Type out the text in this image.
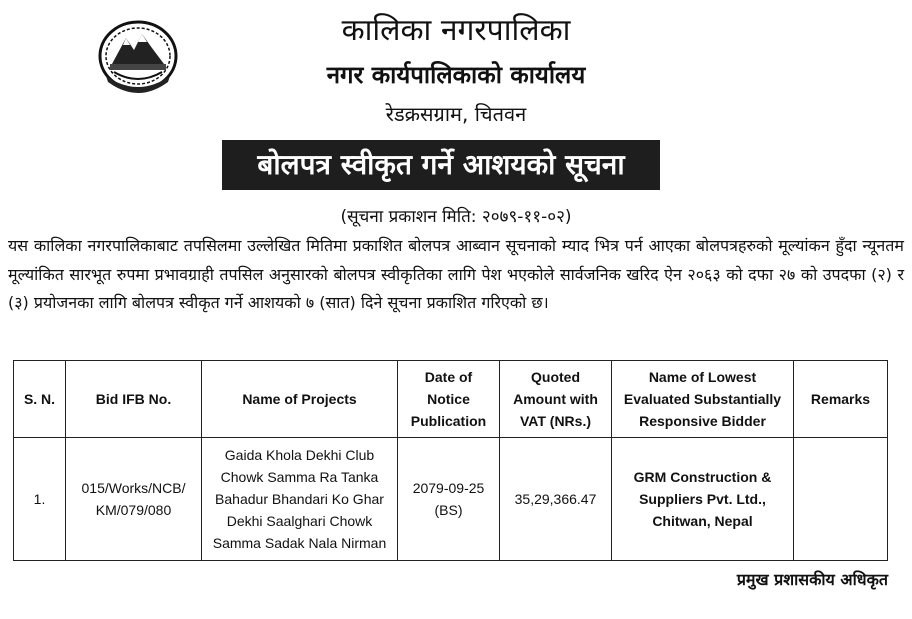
कालिका नगरपालिका
नगर कार्यपालिकाको कार्यालय
रेडक्रसग्राम, चितवन
बोलपत्र स्वीकृत गर्ने आशयको सूचना
(सूचना प्रकाशन मिति: २०७९-११-०२)
यस कालिका नगरपालिकाबाट तपसिलमा उल्लेखित मितिमा प्रकाशित बोलपत्र आब्वान सूचनाको म्याद भित्र पर्न आएका बोलपत्रहरुको मूल्यांकन हुँदा न्यूनतम मूल्यांकित सारभूत रुपमा प्रभावग्राही तपसिल अनुसारको बोलपत्र स्वीकृतिका लागि पेश भएकोले सार्वजनिक खरिद ऐन २०६३ को दफा २७ को उपदफा (२) र (३) प्रयोजनका लागि बोलपत्र स्वीकृत गर्ने आशयको ७ (सात) दिने सूचना प्रकाशित गरिएको छ।
S. N.	Bid IFB No.	Name of Projects	Date of Notice Publication	Quoted Amount with VAT (NRs.)	Name of Lowest Evaluated Substantially Responsive Bidder	Remarks
1.	015/Works/NCB/ KM/079/080	Gaida Khola Dekhi Club Chowk Samma Ra Tanka Bahadur Bhandari Ko Ghar Dekhi Saalghari Chowk Samma Sadak Nala Nirman	2079-09-25 (BS)	35,29,366.47	GRM Construction & Suppliers Pvt. Ltd., Chitwan, Nepal	
प्रमुख प्रशासकीय अधिकृत
